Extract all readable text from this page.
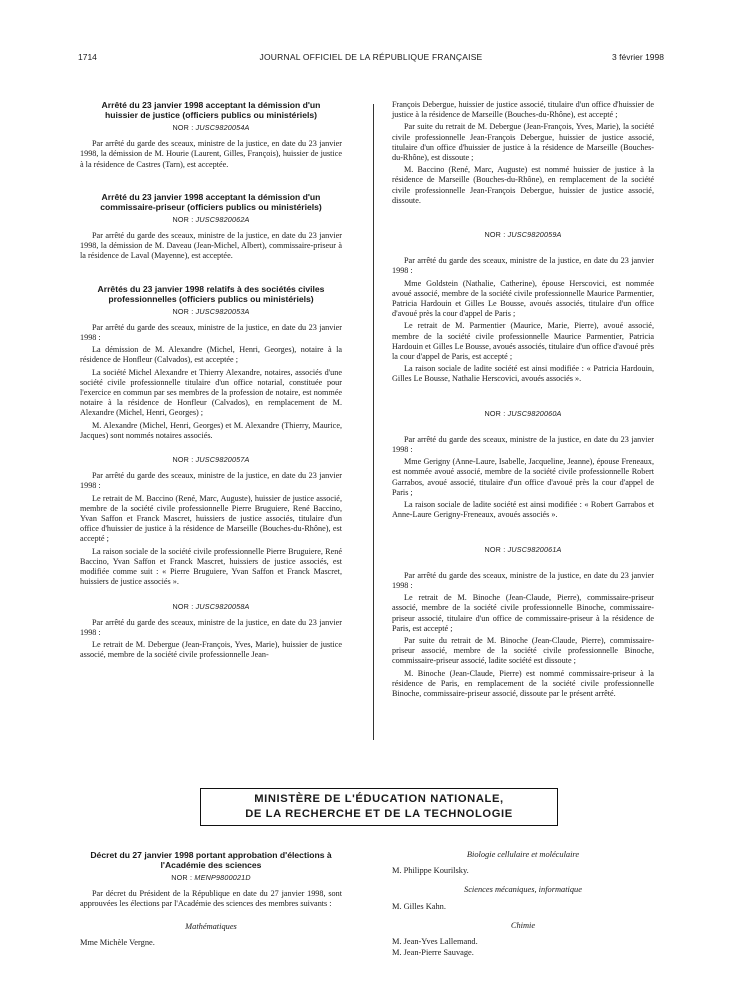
1714	JOURNAL OFFICIEL DE LA RÉPUBLIQUE FRANÇAISE	3 février 1998
Arrêté du 23 janvier 1998 acceptant la démission d'un huissier de justice (officiers publics ou ministériels)
NOR : JUSC9820054A

Par arrêté du garde des sceaux, ministre de la justice, en date du 23 janvier 1998, la démission de M. Hourie (Laurent, Gilles, François), huissier de justice à la résidence de Castres (Tarn), est acceptée.

Arrêté du 23 janvier 1998 acceptant la démission d'un commissaire-priseur (officiers publics ou ministériels)
NOR : JUSC9820062A

Par arrêté du garde des sceaux, ministre de la justice, en date du 23 janvier 1998, la démission de M. Daveau (Jean-Michel, Albert), commissaire-priseur à la résidence de Laval (Mayenne), est acceptée.

Arrêtés du 23 janvier 1998 relatifs à des sociétés civiles professionnelles (officiers publics ou ministériels)
NOR : JUSC9820053A

Par arrêté du garde des sceaux, ministre de la justice, en date du 23 janvier 1998 :

La démission de M. Alexandre (Michel, Henri, Georges), notaire à la résidence de Honfleur (Calvados), est acceptée ;

La société Michel Alexandre et Thierry Alexandre, notaires, associés d'une société civile professionnelle titulaire d'un office notarial, constituée pour l'exercice en commun par ses membres de la profession de notaire, est nommée notaire à la résidence de Honfleur (Calvados), en remplacement de M. Alexandre (Michel, Henri, Georges) ;

M. Alexandre (Michel, Henri, Georges) et M. Alexandre (Thierry, Maurice, Jacques) sont nommés notaires associés.

NOR : JUSC9820057A

Par arrêté du garde des sceaux, ministre de la justice, en date du 23 janvier 1998 :

Le retrait de M. Baccino (René, Marc, Auguste), huissier de justice associé, membre de la société civile professionnelle Pierre Bruguiere, René Baccino, Yvan Saffon et Franck Mascret, huissiers de justice associés, titulaire d'un office d'huissier de justice à la résidence de Marseille (Bouches-du-Rhône), est accepté ;

La raison sociale de la société civile professionnelle Pierre Bruguiere, René Baccino, Yvan Saffon et Franck Mascret, huissiers de justice associés, est modifiée comme suit : « Pierre Bruguiere, Yvan Saffon et Franck Mascret, huissiers de justice associés ».

NOR : JUSC9820058A

Par arrêté du garde des sceaux, ministre de la justice, en date du 23 janvier 1998 :

Le retrait de M. Debergue (Jean-François, Yves, Marie), huissier de justice associé, membre de la société civile professionnelle Jean-

François Debergue, huissier de justice associé, titulaire d'un office d'huissier de justice à la résidence de Marseille (Bouches-du-Rhône), est accepté ;

Par suite du retrait de M. Debergue (Jean-François, Yves, Marie), la société civile professionnelle Jean-François Debergue, huissier de justice associé, titulaire d'un office d'huissier de justice à la résidence de Marseille (Bouches-du-Rhône), est dissoute ;

M. Baccino (René, Marc, Auguste) est nommé huissier de justice à la résidence de Marseille (Bouches-du-Rhône), en remplacement de la société civile professionnelle Jean-François Debergue, huissier de justice associé, dissoute.

NOR : JUSC9820059A

Par arrêté du garde des sceaux, ministre de la justice, en date du 23 janvier 1998 :

Mme Goldstein (Nathalie, Catherine), épouse Herscovici, est nommée avoué associé, membre de la société civile professionnelle Maurice Parmentier, Patricia Hardouin et Gilles Le Bousse, avoués associés, titulaire d'un office d'avoué près la cour d'appel de Paris ;

Le retrait de M. Parmentier (Maurice, Marie, Pierre), avoué associé, membre de la société civile professionnelle Maurice Parmentier, Patricia Hardouin et Gilles Le Bousse, avoués associés, titulaire d'un office d'avoué près la cour d'appel de Paris, est accepté ;

La raison sociale de ladite société est ainsi modifiée : « Patricia Hardouin, Gilles Le Bousse, Nathalie Herscovici, avoués associés ».

NOR : JUSC9820060A

Par arrêté du garde des sceaux, ministre de la justice, en date du 23 janvier 1998 :

Mme Gerigny (Anne-Laure, Isabelle, Jacqueline, Jeanne), épouse Freneaux, est nommée avoué associé, membre de la société civile professionnelle Robert Garrabos, avoué associé, titulaire d'un office d'avoué près la cour d'appel de Paris ;

La raison sociale de ladite société est ainsi modifiée : « Robert Garrabos et Anne-Laure Gerigny-Freneaux, avoués associés ».

NOR : JUSC9820061A

Par arrêté du garde des sceaux, ministre de la justice, en date du 23 janvier 1998 :

Le retrait de M. Binoche (Jean-Claude, Pierre), commissaire-priseur associé, membre de la société civile professionnelle Binoche, commissaire-priseur associé, titulaire d'un office de commissaire-priseur à la résidence de Paris, est accepté ;

Par suite du retrait de M. Binoche (Jean-Claude, Pierre), commissaire-priseur associé, membre de la société civile professionnelle Binoche, commissaire-priseur associé, ladite société est dissoute ;

M. Binoche (Jean-Claude, Pierre) est nommé commissaire-priseur à la résidence de Paris, en remplacement de la société civile professionnelle Binoche, commissaire-priseur associé, dissoute par le présent arrêté.

MINISTÈRE DE L'ÉDUCATION NATIONALE,
DE LA RECHERCHE ET DE LA TECHNOLOGIE
Décret du 27 janvier 1998 portant approbation d'élections à l'Académie des sciences
NOR : MENP9800021D

Par décret du Président de la République en date du 27 janvier 1998, sont approuvées les élections par l'Académie des sciences des membres suivants :

Mathématiques
Mme Michèle Vergne.
Biologie cellulaire et moléculaire
M. Philippe Kourilsky.
Sciences mécaniques, informatique
M. Gilles Kahn.
Chimie
M. Jean-Yves Lallemand.
M. Jean-Pierre Sauvage.
